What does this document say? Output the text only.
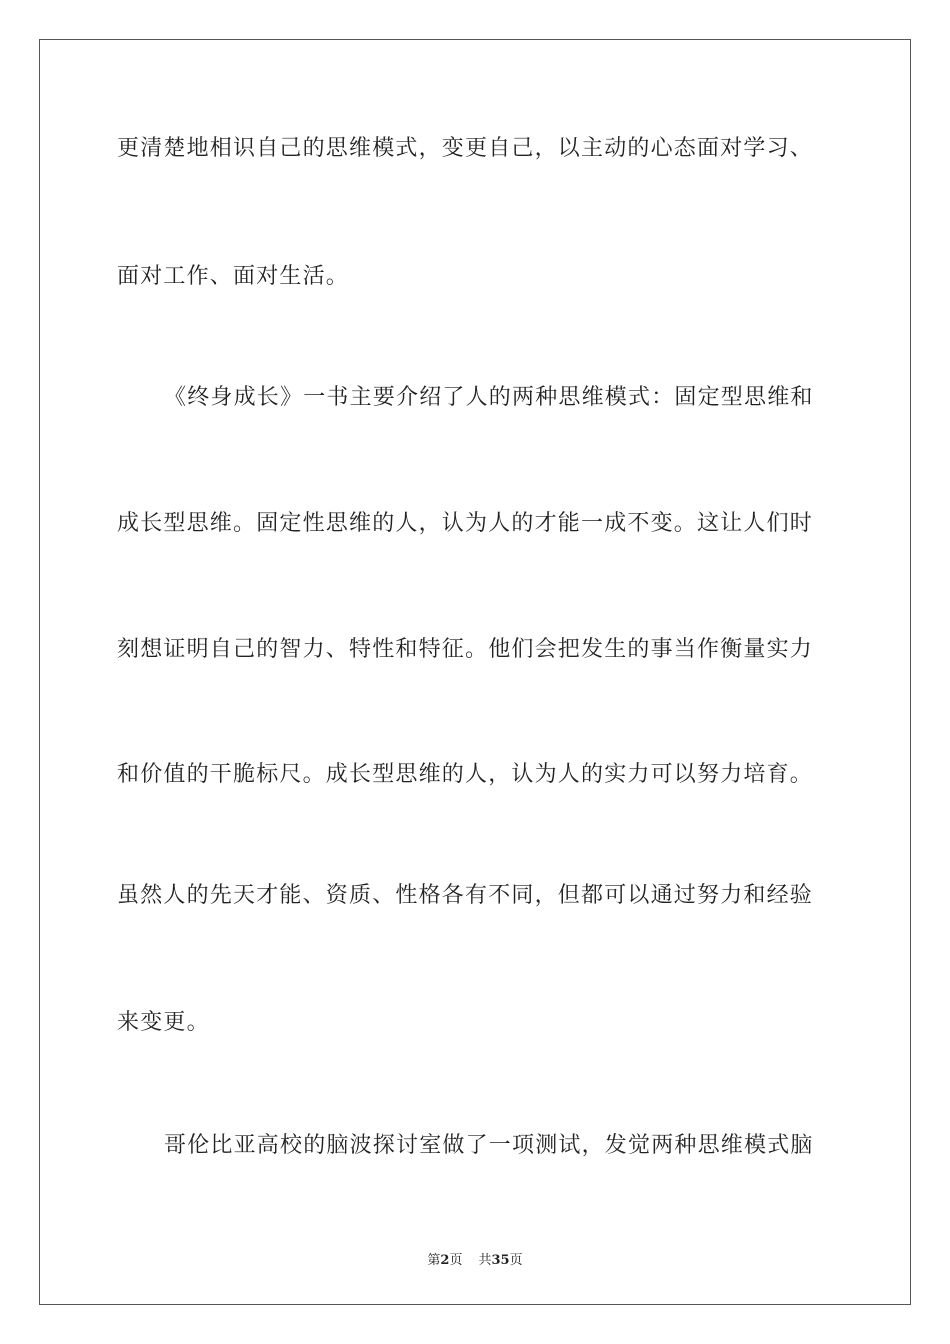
更清楚地相识自己的思维模式，变更自己，以主动的心态面对学习、

面对工作、面对生活。

《终身成长》一书主要介绍了人的两种思维模式：固定型思维和

成长型思维。固定性思维的人，认为人的才能一成不变。这让人们时

刻想证明自己的智力、特性和特征。他们会把发生的事当作衡量实力

和价值的干脆标尺。成长型思维的人，认为人的实力可以努力培育。

虽然人的先天才能、资质、性格各有不同，但都可以通过努力和经验

来变更。

哥伦比亚高校的脑波探讨室做了一项测试，发觉两种思维模式脑

第2页 共35页
